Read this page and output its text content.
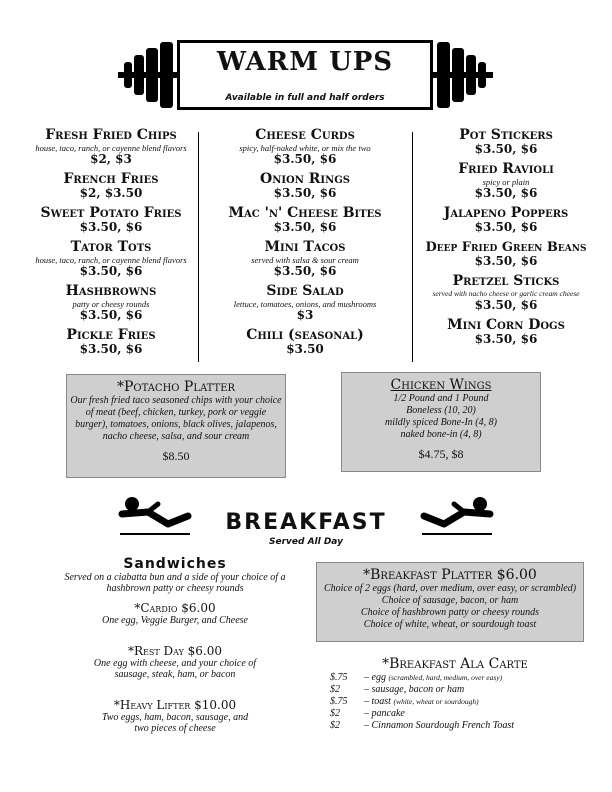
WARM UPS
Available in full and half orders
Fresh Fried Chips
house, taco, ranch, or cayenne blend flavors
$2, $3
French Fries
$2, $3.50
Sweet Potato Fries
$3.50, $6
Tator Tots
house, taco, ranch, or cayenne blend flavors
$3.50, $6
Hashbrowns
patty or cheesy rounds
$3.50, $6
Pickle Fries
$3.50, $6
Cheese Curds
spicy, half-naked white, or mix the two
$3.50, $6
Onion Rings
$3.50, $6
Mac 'n' Cheese Bites
$3.50, $6
Mini Tacos
served with salsa & sour cream
$3.50, $6
Side Salad
lettuce, tomatoes, onions, and mushrooms
$3
Chili (seasonal)
$3.50
Pot Stickers
$3.50, $6
Fried Ravioli
spicy or plain
$3.50, $6
Jalapeno Poppers
$3.50, $6
Deep Fried Green Beans
$3.50, $6
Pretzel Sticks
served with nacho cheese or garlic cream cheese
$3.50, $6
Mini Corn Dogs
$3.50, $6
*Potacho Platter
Our fresh fried taco seasoned chips with your choice
of meat (beef, chicken, turkey, pork or veggie
burger), tomatoes, onions, black olives, jalapenos,
nacho cheese, salsa, and sour cream
$8.50
Chicken Wings
1/2 Pound and 1 Pound
Boneless (10, 20)
mildly spiced Bone-In (4, 8)
naked bone-in (4, 8)
$4.75, $8
BREAKFAST
Served All Day
Sandwiches
Served on a ciabatta bun and a side of your choice of a
hashbrown patty or cheesy rounds
*Cardio $6.00
One egg, Veggie Burger, and Cheese
*Rest Day $6.00
One egg with cheese, and your choice of
sausage, steak, ham, or bacon
*Heavy Lifter $10.00
Two eggs, ham, bacon, sausage, and
two pieces of cheese
*Breakfast Platter $6.00
Choice of 2 eggs (hard, over medium, over easy, or scrambled)
Choice of sausage, bacon, or ham
Choice of hashbrown patty or cheesy rounds
Choice of white, wheat, or sourdough toast
*Breakfast Ala Carte
$.75	– egg (scrambled, hard, medium, over easy)
$2	– sausage, bacon or ham
$.75	– toast (white, wheat or sourdough)
$2	– pancake
$2	– Cinnamon Sourdough French Toast
